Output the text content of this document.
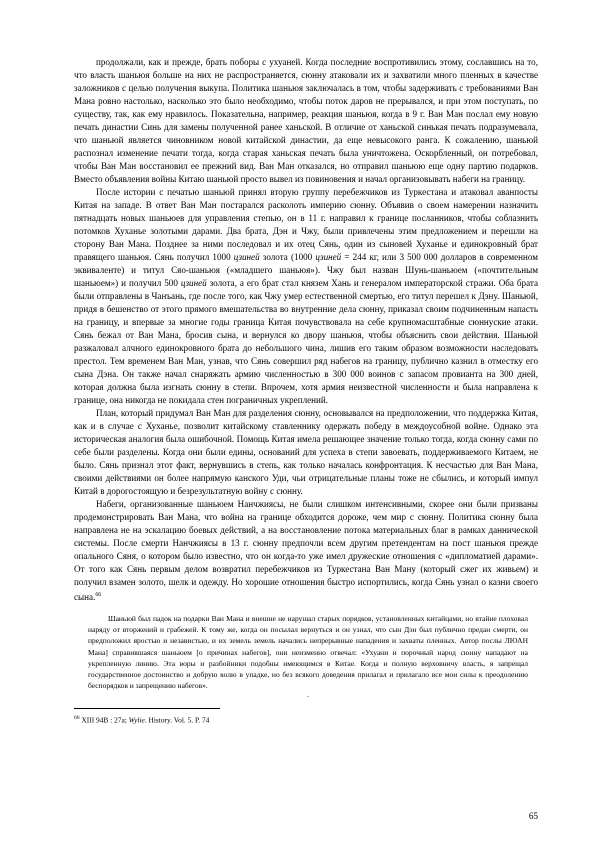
продолжали, как и прежде, брать поборы с ухуаней. Когда последние воспротивились этому, сославшись на то, что власть шаньюя больше на них не распространяется, сюнну атаковали их и захватили много пленных в качестве заложников с целью получения выкупа. Политика шаньюя заключалась в том, чтобы задерживать с требованиями Ван Мана ровно настолько, насколько это было необходимо, чтобы поток даров не прерывался, и при этом поступать, по существу, так, как ему нравилось. Показательна, например, реакция шаньюя, когда в 9 г. Ван Ман послал ему новую печать династии Синь для замены полученной ранее ханьской. В отличие от ханьской синькая печать подразумевала, что шаньюй является чиновником новой китайской династии, да еще невысокого ранга. К сожалению, шаньюй распознал изменение печати тогда, когда старая ханьская печать была уничтожена. Оскорбленный, он потребовал, чтобы Ван Ман восстановил ее прежний вид. Ван Ман отказался, но отправил шаньюю еще одну партию подарков. Вместо объявления войны Китаю шаньюй просто вывел из повиновения и начал организовывать набеги на границу.

После истории с печатью шаньюй принял вторую группу перебежчиков из Туркестана и атаковал аванпосты Китая на западе. В ответ Ван Ман постарался расколоть империю сюнну. Объявив о своем намерении назначить пятнадцать новых шаньюев для управления степью, он в 11 г. направил к границе посланников, чтобы соблазнить потомков Хуханье золотыми дарами. Два брата, Дэн и Чжу, были привлечены этим предложением и перешли на сторону Ван Мана. Позднее за ними последовал и их отец Сянь, один из сыновей Хуханье и единокровный брат правящего шаньюя. Сянь получил 1000 цзиней золота (1000 цзиней = 244 кг, или 3 500 000 долларов в современном эквиваленте) и титул Сяо-шаньюя («младшего шаньюя»). Чжу был назван Шунь-шаньюем («почтительным шаньюем») и получил 500 цзиней золота, а его брат стал князем Хань и генералом императорской стражи. Оба брата были отправлены в Чанъань, где после того, как Чжу умер естественной смертью, его титул перешел к Дэну. Шаньюй, придя в бешенство от этого прямого вмешательства во внутренние дела сюнну, приказал своим подчиненным напасть на границу, и впервые за многие годы граница Китая почувствовала на себе крупномасштабные сюннуские атаки. Сянь бежал от Ван Мана, бросив сына, и вернулся ко двору шаньюя, чтобы объяснить свои действия. Шаньюй разжаловал алчного единокровного брата до небольшого чина, лишив его таким образом возможности наследовать престол. Тем временем Ван Ман, узнав, что Сянь совершил ряд набегов на границу, публично казнил в отместку его сына Дэна. Он также начал снаряжать армию численностью в 300 000 воинов с запасом провианта на 300 дней, которая должна была изгнать сюнну в степи. Впрочем, хотя армия неизвестной численности и была направлена к границе, она никогда не покидала стен пограничных укреплений.

План, который придумал Ван Ман для разделения сюнну, основывался на предположении, что поддержка Китая, как и в случае с Хуханье, позволит китайскому ставленнику одержать победу в междоусобной войне. Однако эта историческая аналогия была ошибочной. Помощь Китая имела решающее значение только тогда, когда сюнну сами по себе были разделены. Когда они были едины, оснований для успеха в степи завоевать, поддерживаемого Китаем, не было. Сянь признал этот факт, вернувшись в степь, как только началась конфронтация. К несчастью для Ван Мана, своими действиями он более напрямую канского Уди, чьи отрицательные планы тоже не сбылись, и который импул Китай в дорогостоящую и безрезультатную войну с сюнну.

Набеги, организованные шаньюем Нанчжиясы, не были слишком интенсивными, скорее они были призваны продемонстрировать Ван Мана, что война на границе обходится дороже, чем мир с сюнну. Политика сюнну была направлена не на эскалацию боевых действий, а на восстановление потока материальных благ в рамках даннической системы. После смерти Нанчжиясы в 13 г. сюнну предпочли всем другим претендентам на пост шаньюя прежде опального Сяня, о котором было известно, что он когда-то уже имел дружеские отношения с «дипломатией дарами». От того как Сянь первым делом возвратил перебежчиков из Туркестана Ван Ману (который сжег их живьем) и получил взамен золото, шелк и одежду. Но хорошие отношения быстро испортились, когда Сянь узнал о казни своего сына.$^{66}$

Шаньюй был падок на подарки Ван Мана и внешне не нарушал старых порядков, установленных китайцами, но втайне плоховал наряду от вторжений и грабежей. К тому же, когда он посылал вернуться и он узнал, что сын Дэн был публично предан смерти, он предположил яростью и независтью, и их земель земель начались непрерывные нападения и захваты пленных. Автор послы ЛЮАН Мана] справившаяся шаньюем [о причинах набегов], они неизменно отвечал: «Ухуани и порочный народ сюнну нападают на укрепленную линию. Эта воры и разбойники подобны имеющимся в Китае. Когда и полную верховничу власть, я запрещал государственное достоинство и добрую волю в упадке, но без всякого доведения прилагал и прилагало все мои силы к преодолению беспорядков и запрещению набегов».

.
$^{66}$ XIII 94В : 27a; Wylie. History. Vol. 5. P. 74
65
